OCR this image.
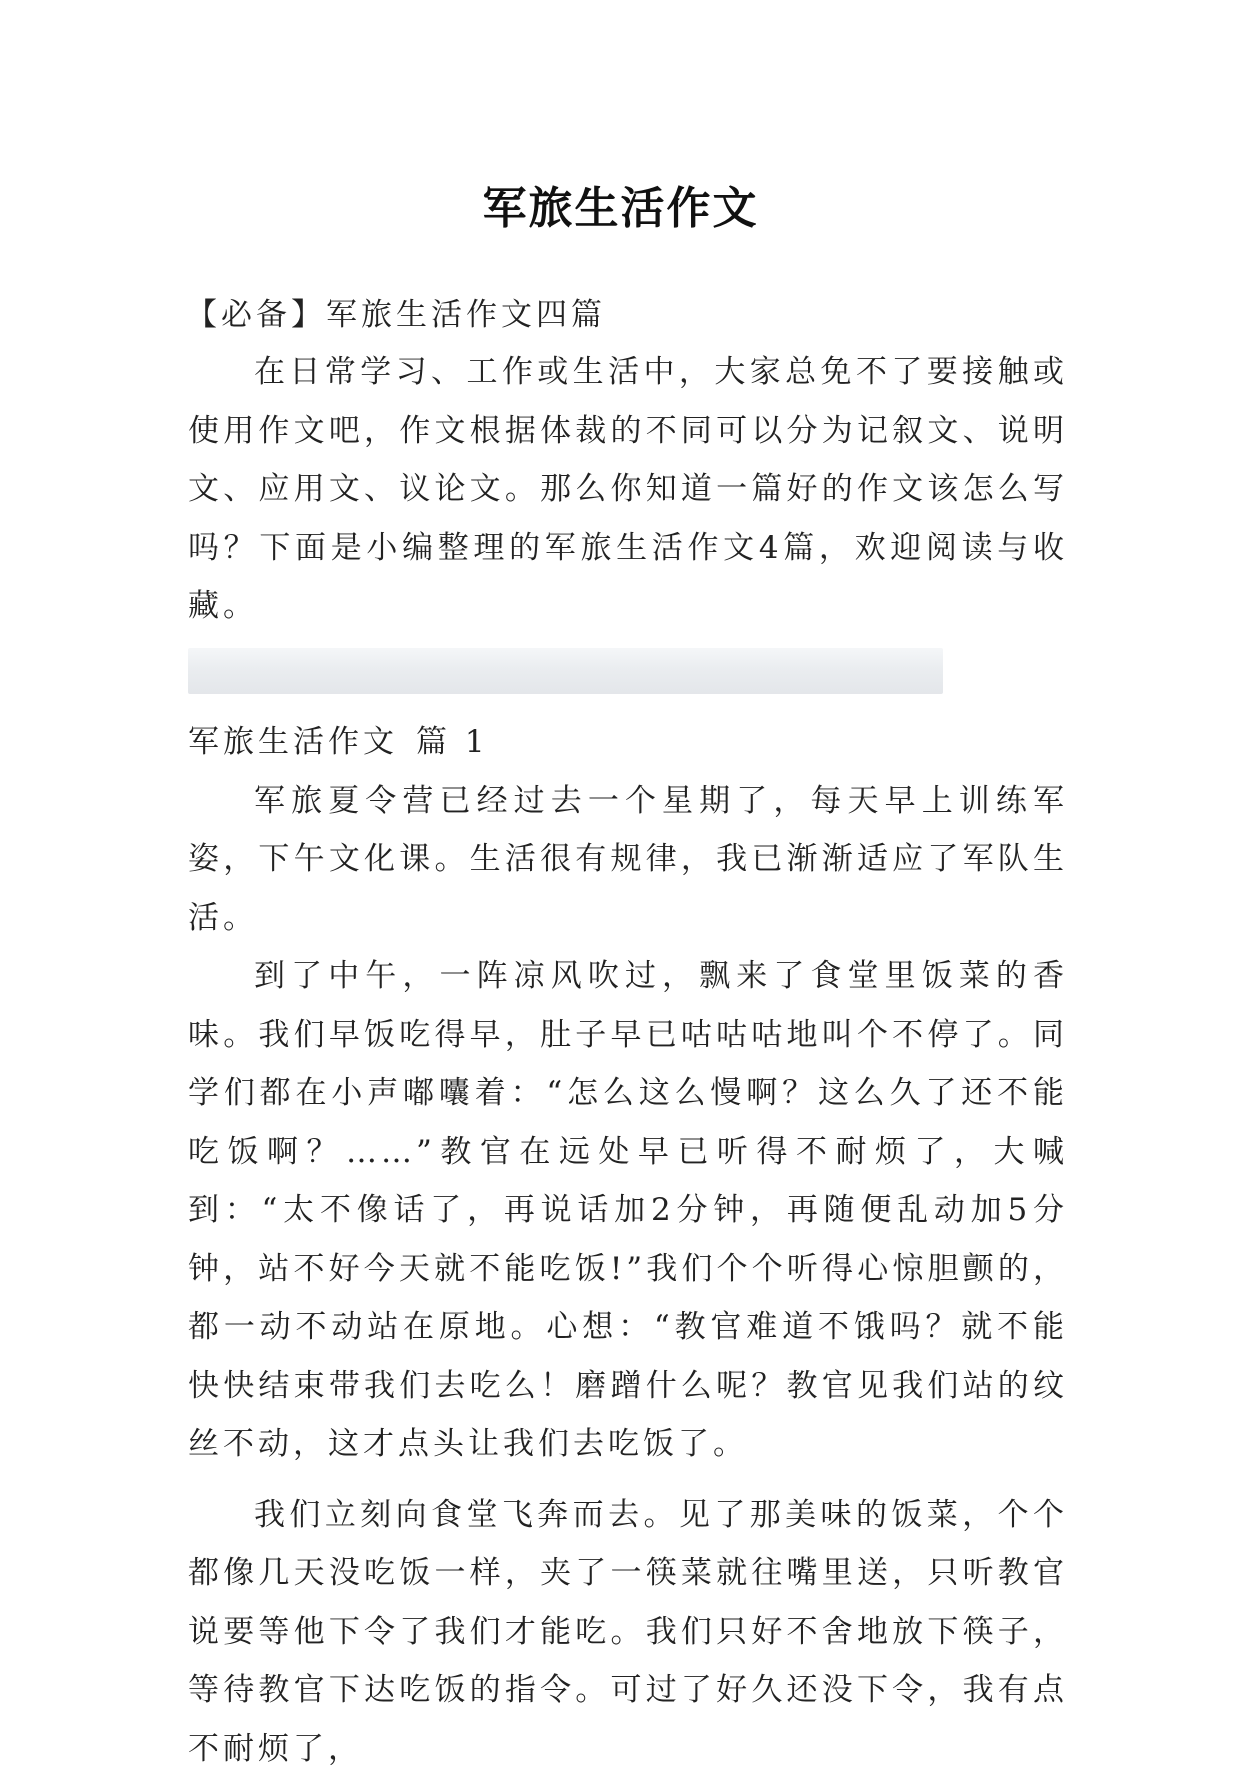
军旅生活作文

【必备】军旅生活作文四篇

在日常学习、工作或生活中，大家总免不了要接触或使用作文吧，作文根据体裁的不同可以分为记叙文、说明文、应用文、议论文。那么你知道一篇好的作文该怎么写吗？下面是小编整理的军旅生活作文4篇，欢迎阅读与收藏。

军旅生活作文 篇 1

军旅夏令营已经过去一个星期了，每天早上训练军姿，下午文化课。生活很有规律，我已渐渐适应了军队生活。

到了中午，一阵凉风吹过，飘来了食堂里饭菜的香味。我们早饭吃得早，肚子早已咕咕咕地叫个不停了。同学们都在小声嘟囔着：“怎么这么慢啊？这么久了还不能吃饭啊？……”教官在远处早已听得不耐烦了，大喊到：“太不像话了，再说话加2分钟，再随便乱动加5分钟，站不好今天就不能吃饭!”我们个个听得心惊胆颤的，都一动不动站在原地。心想：“教官难道不饿吗？就不能快快结束带我们去吃么！磨蹭什么呢？教官见我们站的纹丝不动，这才点头让我们去吃饭了。

我们立刻向食堂飞奔而去。见了那美味的饭菜，个个都像几天没吃饭一样，夹了一筷菜就往嘴里送，只听教官说要等他下令了我们才能吃。我们只好不舍地放下筷子，等待教官下达吃饭的指令。可过了好久还没下令，我有点不耐烦了，
